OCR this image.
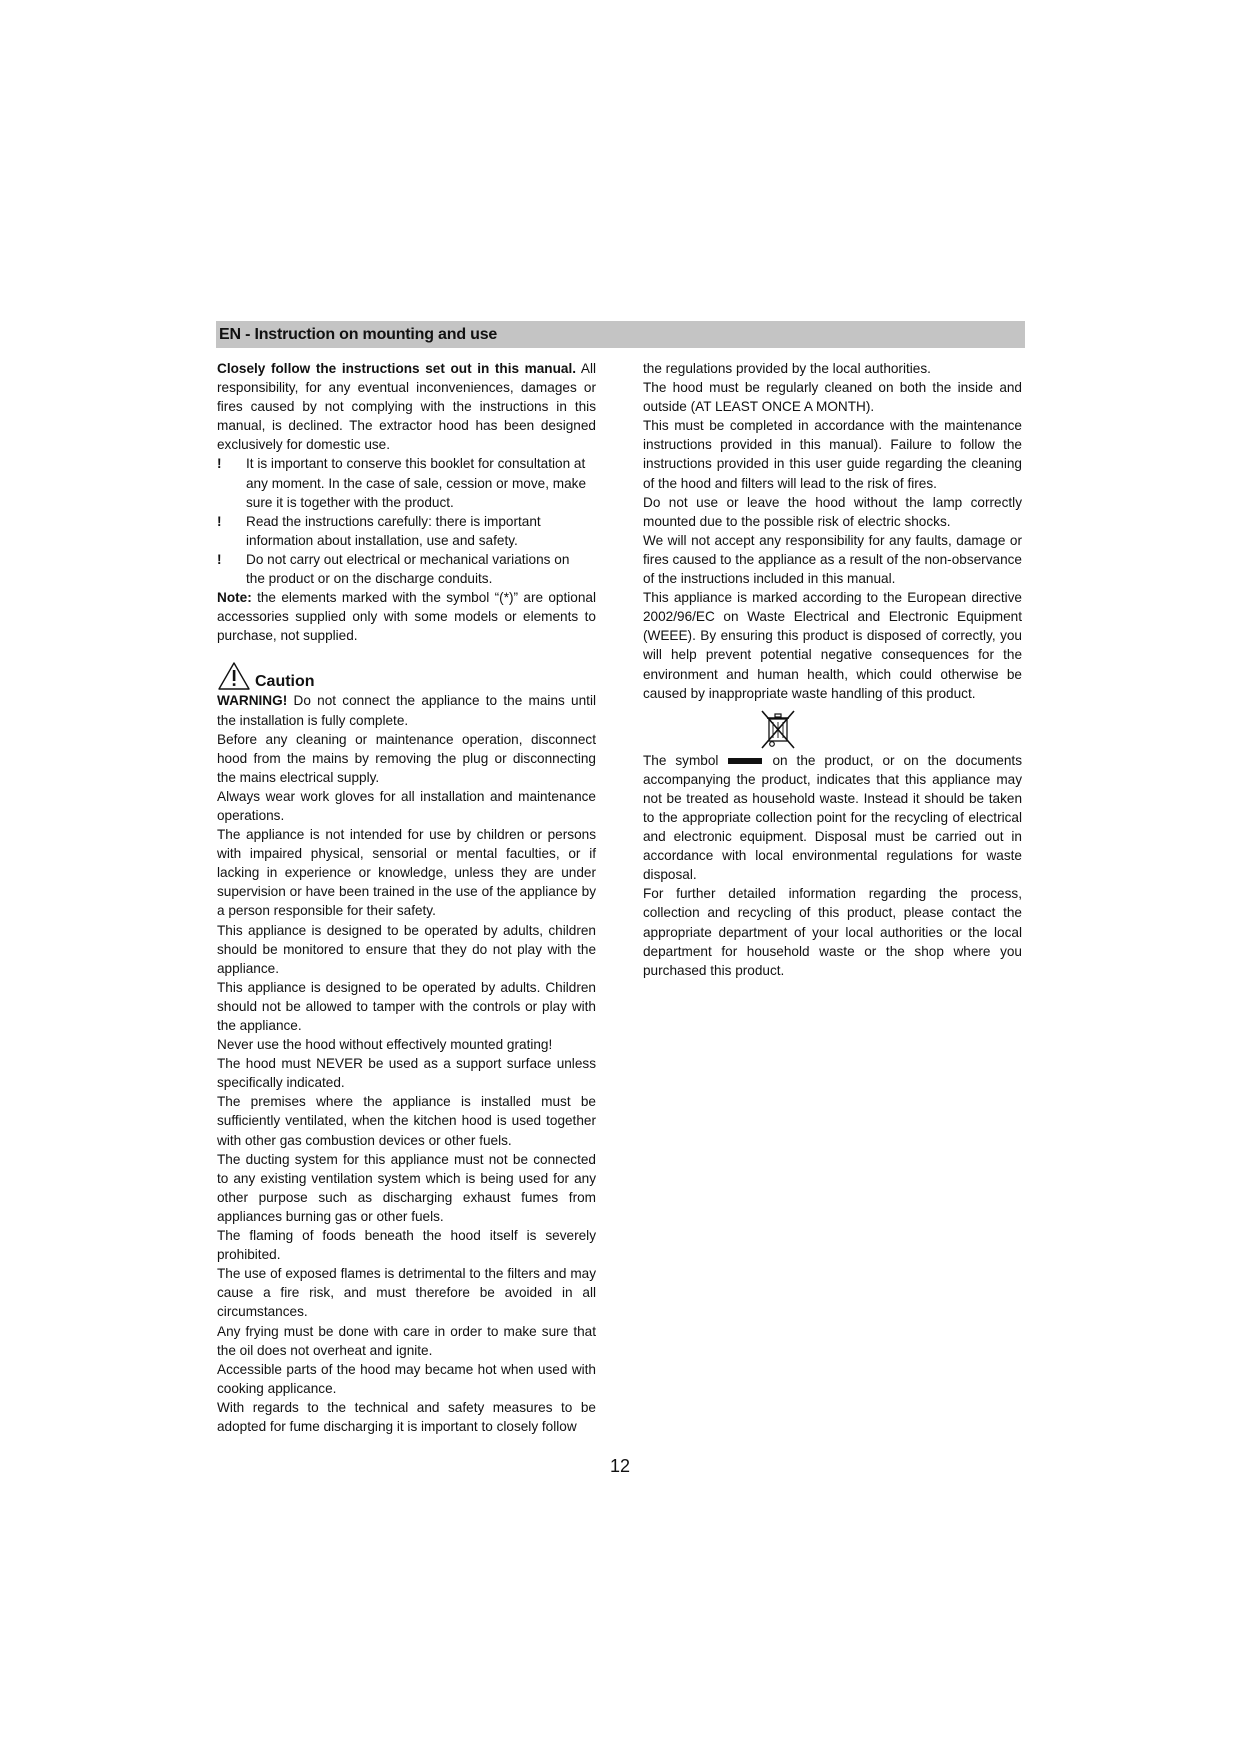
EN - Instruction on mounting and use

Closely follow the instructions set out in this manual. All responsibility, for any eventual inconveniences, damages or fires caused by not complying with the instructions in this manual, is declined. The extractor hood has been designed exclusively for domestic use.

!	It is important to conserve this booklet for consultation at any moment. In the case of sale, cession or move, make sure it is together with the product.
!	Read the instructions carefully: there is important information about installation, use and safety.
!	Do not carry out electrical or mechanical variations on the product or on the discharge conduits.

Note: the elements marked with the symbol “(*)” are optional accessories supplied only with some models or elements to purchase, not supplied.

Caution

WARNING! Do not connect the appliance to the mains until the installation is fully complete.

Before any cleaning or maintenance operation, disconnect hood from the mains by removing the plug or disconnecting the mains electrical supply.

Always wear work gloves for all installation and maintenance operations.

The appliance is not intended for use by children or persons with impaired physical, sensorial or mental faculties, or if lacking in experience or knowledge, unless they are under supervision or have been trained in the use of the appliance by a person responsible for their safety.

This appliance is designed to be operated by adults, children should be monitored to ensure that they do not play with the appliance.

This appliance is designed to be operated by adults. Children should not be allowed to tamper with the controls or play with the appliance.

Never use the hood without effectively mounted grating!

The hood must NEVER be used as a support surface unless specifically indicated.

The premises where the appliance is installed must be sufficiently ventilated, when the kitchen hood is used together with other gas combustion devices or other fuels.

The ducting system for this appliance must not be connected to any existing ventilation system which is being used for any other purpose such as discharging exhaust fumes from appliances burning gas or other fuels.

The flaming of foods beneath the hood itself is severely prohibited.

The use of exposed flames is detrimental to the filters and may cause a fire risk, and must therefore be avoided in all circumstances.

Any frying must be done with care in order to make sure that the oil does not overheat and ignite.

Accessible parts of the hood may became hot when used with cooking applicance.

With regards to the technical and safety measures to be adopted for fume discharging it is important to closely follow

the regulations provided by the local authorities.

The hood must be regularly cleaned on both the inside and outside (AT LEAST ONCE A MONTH).

This must be completed in accordance with the maintenance instructions provided in this manual). Failure to follow the instructions provided in this user guide regarding the cleaning of the hood and filters will lead to the risk of fires.

Do not use or leave the hood without the lamp correctly mounted due to the possible risk of electric shocks.

We will not accept any responsibility for any faults, damage or fires caused to the appliance as a result of the non-observance of the instructions included in this manual.

This appliance is marked according to the European directive 2002/96/EC on Waste Electrical and Electronic Equipment (WEEE). By ensuring this product is disposed of correctly, you will help prevent potential negative consequences for the environment and human health, which could otherwise be caused by inappropriate waste handling of this product.

The symbol	on the product, or on the documents accompanying the product, indicates that this appliance may not be treated as household waste. Instead it should be taken to the appropriate collection point for the recycling of electrical and electronic equipment. Disposal must be carried out in accordance with local environmental regulations for waste disposal.

For further detailed information regarding the process, collection and recycling of this product, please contact the appropriate department of your local authorities or the local department for household waste or the shop where you purchased this product.

12
